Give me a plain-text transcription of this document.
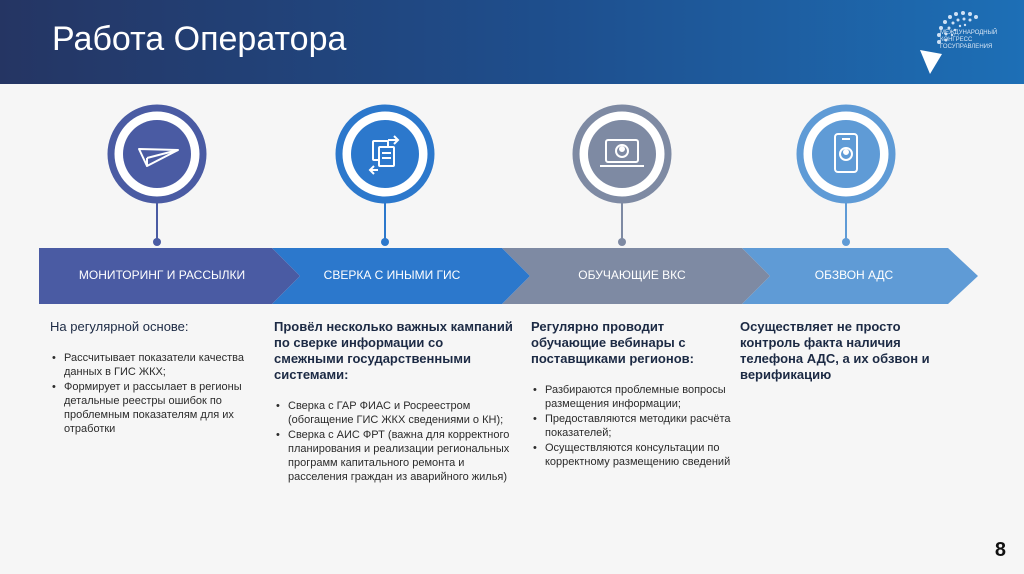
Работа Оператора	МЕЖДУНАРОДНЫЙ КОНГРЕСС ГОСУПРАВЛЕНИЯ
МОНИТОРИНГ И РАССЫЛКИ	СВЕРКА С ИНЫМИ ГИС	ОБУЧАЮЩИЕ ВКС	ОБЗВОН АДС
На регулярной основе:
• Рассчитывает показатели качества данных в ГИС ЖКХ;
• Формирует и рассылает в регионы детальные реестры ошибок по проблемным показателям для их отработки
Провёл несколько важных кампаний по сверке информации со смежными государственными системами:
• Сверка с ГАР ФИАС и Росреестром (обогащение ГИС ЖКХ сведениями о КН);
• Сверка с АИС ФРТ (важна для корректного планирования и реализации региональных программ капитального ремонта и расселения граждан из аварийного жилья)
Регулярно проводит обучающие вебинары с поставщиками регионов:
• Разбираются проблемные вопросы размещения информации;
• Предоставляются методики расчёта показателей;
• Осуществляются консультации по корректному размещению сведений
Осуществляет не просто контроль факта наличия телефона АДС, а их обзвон и верификацию
8
